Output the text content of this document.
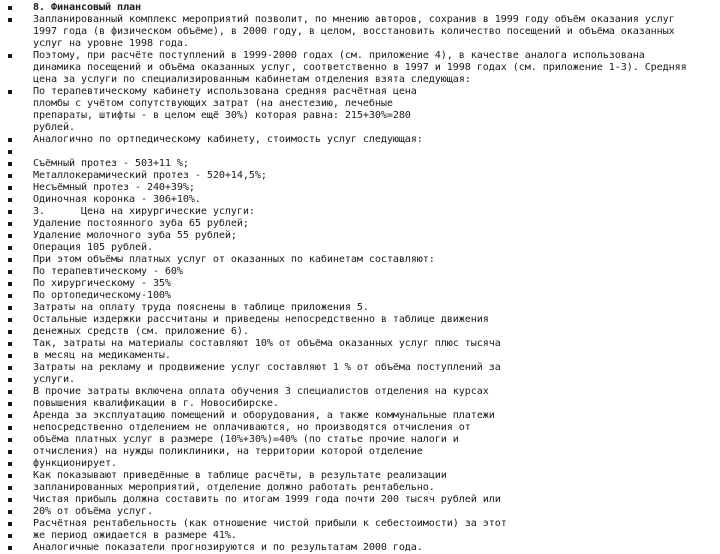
8. Финансовый план
Запланированный комплекс мероприятий позволит, по мнению авторов, сохранив в 1999 году объём оказания услуг
1997 года (в физическом объёме), в 2000 году, в целом, восстановить количество посещений и объёма оказанных
услуг на уровне 1998 года.
Поэтому, при расчёте поступлений в 1999-2000 годах (см. приложение 4), в качестве аналога использована
динамика посещений и объёма оказанных услуг, соответственно в 1997 и 1998 годах (см. приложение 1-3). Средняя
цена за услуги по специализированным кабинетам отделения взята следующая:
По терапевтическому кабинету использована средняя расчётная цена
пломбы с учётом сопутствующих затрат (на анестезию, лечебные
препараты, штифты - в целом ещё 30%) которая равна: 215+30%=280
рублей.
Аналогично по ортпедическому кабинету, стоимость услуг следующая:
Съёмный протез - 503+11 %;
Металлокерамический протез - 520+14,5%;
Несъёмный протез - 240+39%;
Одиночная коронка - 306+10%.
3.      Цена на хирургические услуги:
Удаление постоянного зуба 65 рублей;
Удаление молочного зуба 55 рублей;
Операция 105 рублей.
При этом объёмы платных услуг от оказанных по кабинетам составляют:
По терапевтическому - 60%
По хирургическому - 35%
По ортопедическому-100%
Затраты на оплату труда пояснены в таблице приложения 5.
Остальные издержки рассчитаны и приведены непосредственно в таблице движения
денежных средств (см. приложение 6).
Так, затраты на материалы составляют 10% от объёма оказанных услуг плюс тысяча
в месяц на медикаменты.
Затраты на рекламу и продвижение услуг составляют 1 % от объёма поступлений за
услуги.
В прочие затраты включена оплата обучения 3 специалистов отделения на курсах
повышения квалификации в г. Новосибирске.
Аренда за эксплуатацию помещений и оборудования, а также коммунальные платежи
непосредственно отделением не оплачиваются, но производятся отчисления от
объёма платных услуг в размере (10%+30%)=40% (по статье прочие налоги и
отчисления) на нужды поликлиники, на территории которой отделение
функционирует.
Как показывают приведённые в таблице расчёты, в результате реализации
запланированных мероприятий, отделение должно работать рентабельно.
Чистая прибыль должна составить по итогам 1999 года почти 200 тысяч рублей или
20% от объёма услуг.
Расчётная рентабельность (как отношение чистой прибыли к себестоимости) за этот
же период ожидается в размере 41%.
Аналогичные показатели прогнозируются и по результатам 2000 года.
